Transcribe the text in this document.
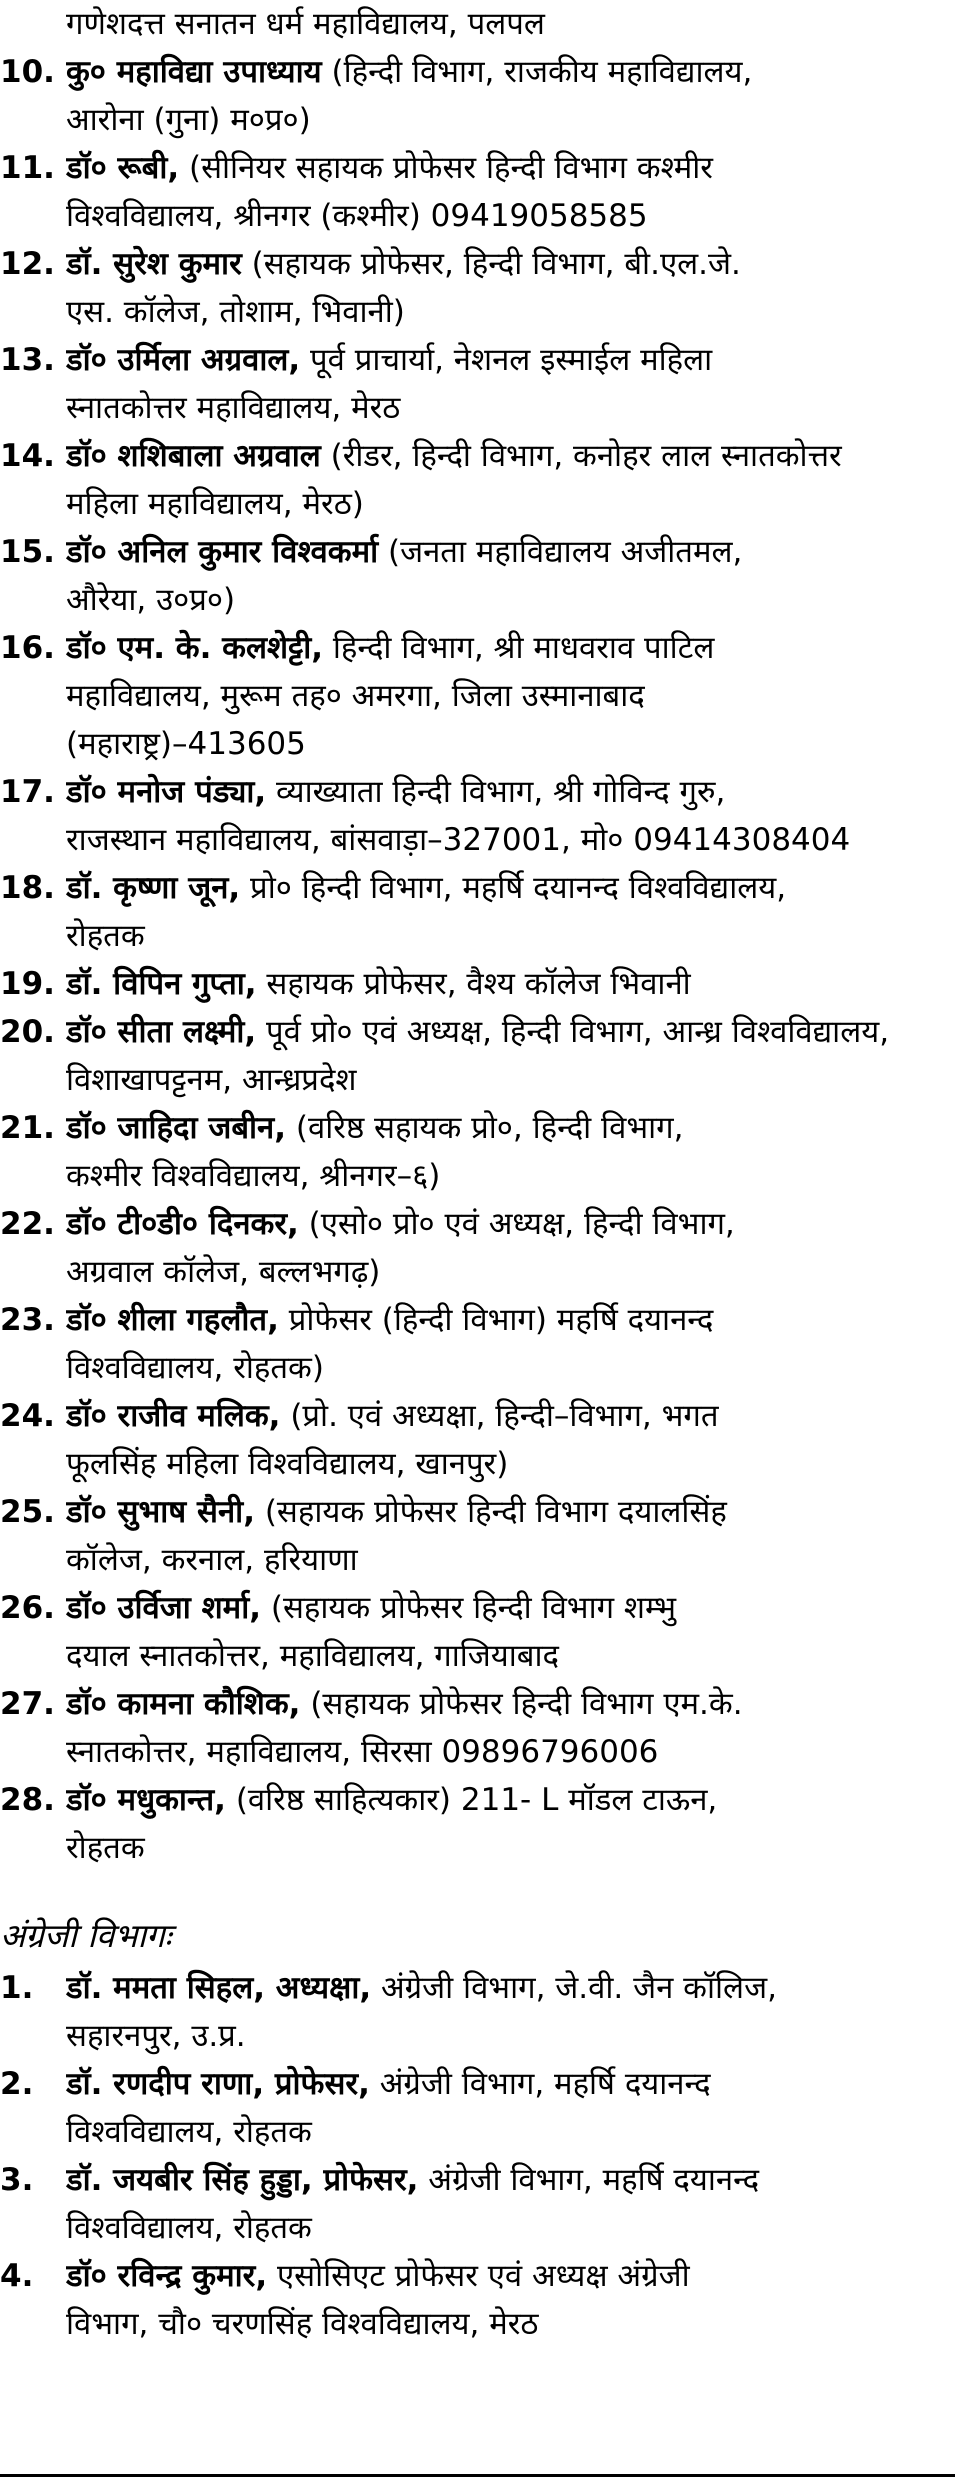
गणेशदत्त सनातन धर्म महाविद्यालय, पलपल
10. कु० महाविद्या उपाध्याय (हिन्दी विभाग, राजकीय महाविद्यालय,
आरोना (गुना) म०प्र०)
11. डॉ० रूबी, (सीनियर सहायक प्रोफेसर हिन्दी विभाग कश्मीर
विश्वविद्यालय, श्रीनगर (कश्मीर) 09419058585
12. डॉ. सुरेश कुमार (सहायक प्रोफेसर, हिन्दी विभाग, बी.एल.जे.
एस. कॉलेज, तोशाम, भिवानी)
13. डॉ० उर्मिला अग्रवाल, पूर्व प्राचार्या, नेशनल इस्माईल महिला
स्नातकोत्तर महाविद्यालय, मेरठ
14. डॉ० शशिबाला अग्रवाल (रीडर, हिन्दी विभाग, कनोहर लाल स्नातकोत्तर
महिला महाविद्यालय, मेरठ)
15. डॉ० अनिल कुमार विश्वकर्मा (जनता महाविद्यालय अजीतमल,
औरेया, उ०प्र०)
16. डॉ० एम. के. कलशेट्टी, हिन्दी विभाग, श्री माधवराव पाटिल
महाविद्यालय, मुरूम तह० अमरगा, जिला उस्मानाबाद
(महाराष्ट्र)–413605
17. डॉ० मनोज पंड्या, व्याख्याता हिन्दी विभाग, श्री गोविन्द गुरु,
राजस्थान महाविद्यालय, बांसवाड़ा–327001, मो० 09414308404
18. डॉ. कृष्णा जून, प्रो० हिन्दी विभाग, महर्षि दयानन्द विश्वविद्यालय,
रोहतक
19. डॉ. विपिन गुप्ता, सहायक प्रोफेसर, वैश्य कॉलेज भिवानी
20. डॉ० सीता लक्ष्मी, पूर्व प्रो० एवं अध्यक्ष, हिन्दी विभाग, आन्ध्र विश्वविद्यालय,
विशाखापट्टनम, आन्ध्रप्रदेश
21. डॉ० जाहिदा जबीन, (वरिष्ठ सहायक प्रो०, हिन्दी विभाग,
कश्मीर विश्वविद्यालय, श्रीनगर–६)
22. डॉ० टी०डी० दिनकर, (एसो० प्रो० एवं अध्यक्ष, हिन्दी विभाग,
अग्रवाल कॉलेज, बल्लभगढ़)
23. डॉ० शीला गहलौत, प्रोफेसर (हिन्दी विभाग) महर्षि दयानन्द
विश्वविद्यालय, रोहतक)
24. डॉ० राजीव मलिक, (प्रो. एवं अध्यक्षा, हिन्दी–विभाग, भगत
फूलसिंह महिला विश्वविद्यालय, खानपुर)
25. डॉ० सुभाष सैनी, (सहायक प्रोफेसर हिन्दी विभाग दयालसिंह
कॉलेज, करनाल, हरियाणा
26. डॉ० उर्विजा शर्मा, (सहायक प्रोफेसर हिन्दी विभाग शम्भु
दयाल स्नातकोत्तर, महाविद्यालय, गाजियाबाद
27. डॉ० कामना कौशिक, (सहायक प्रोफेसर हिन्दी विभाग एम.के.
स्नातकोत्तर, महाविद्यालय, सिरसा 09896796006
28. डॉ० मधुकान्त, (वरिष्ठ साहित्यकार) 211- L मॉडल टाऊन,
रोहतक
अंग्रेजी विभागः
1.	डॉ. ममता सिहल, अध्यक्षा, अंग्रेजी विभाग, जे.वी. जैन कॉलिज,
सहारनपुर, उ.प्र.
2.	डॉ. रणदीप राणा, प्रोफेसर, अंग्रेजी विभाग, महर्षि दयानन्द
विश्वविद्यालय, रोहतक
3.	डॉ. जयबीर सिंह हुड्डा, प्रोफेसर, अंग्रेजी विभाग, महर्षि दयानन्द
विश्वविद्यालय, रोहतक
4.	डॉ० रविन्द्र कुमार, एसोसिएट प्रोफेसर एवं अध्यक्ष अंग्रेजी
विभाग, चौ० चरणसिंह विश्वविद्यालय, मेरठ
